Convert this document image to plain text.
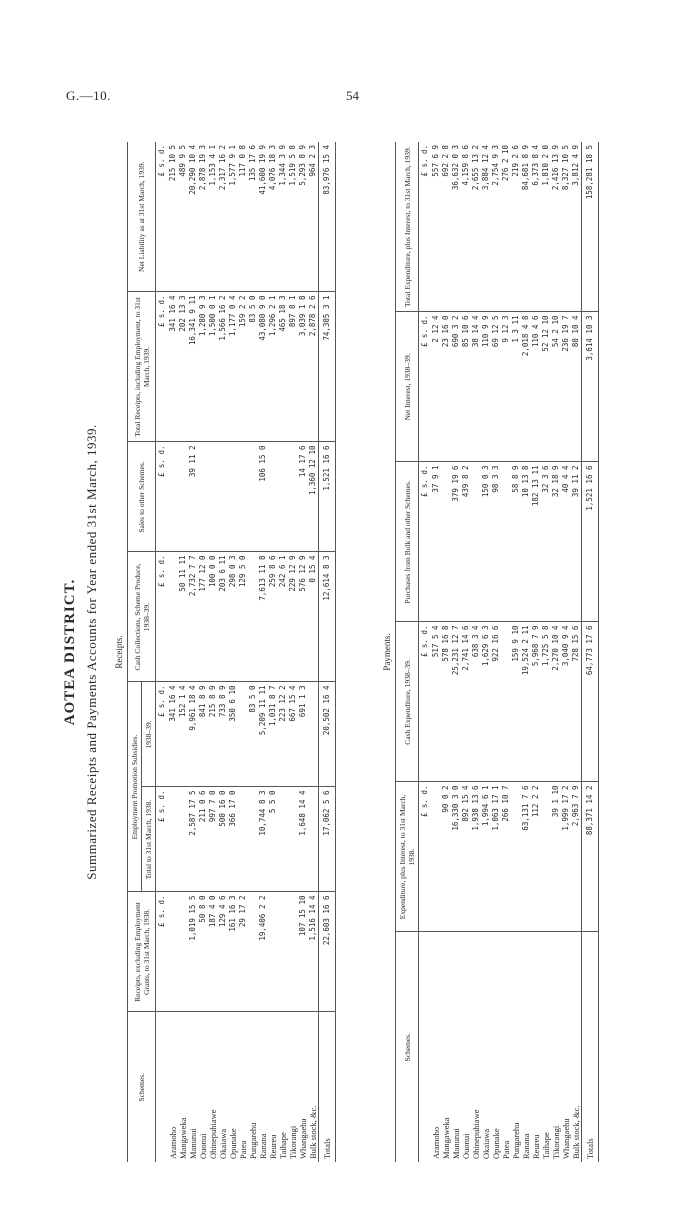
G.—10.	54
AOTEA DISTRICT. Summarized Receipts and Payments Accounts for Year ended 31st March, 1939. Receipts.							
Schemes.	Receipts, excluding Employment Grants, to 31st March, 1938.	Employment Promotion Subsidies.		Cash Collections, Scheme Produce, 1938–39.	Sales to other Schemes.	Total Receipts, including Employment, to 31st March, 1939.	Net Liability as at 31st March, 1939.
		Total to 31st March, 1938.	1938–39.				
	£ s. d.	£ s. d.	£ s. d.	£ s. d.	£ s. d.	£ s. d.	£ s. d.
Aramoho			341 16 4			341 16 4	215 10 5
Mangaweka			152 1 4	50 11 11		202 13 3	489 9 5
Manunui	1,019 15 5	2,587 17 5	9,961 18 4	2,732 7 7	39 11 2	16,341 9 11	20,290 10 4
Ouonui	50 8 0	211 0 6	841 8 9	177 12 0		1,280 9 3	2,878 19 3
Ohinepuhiawe	187 4 0	997 7 0	215 8 9	100 0 0		1,500 0 1	1,153 4 1
Okaiawa	129 4 6	500 16 0	733 8 9	203 6 11		1,566 16 2	2,317 16 2
Opunake	161 16 3	366 17 0	350 6 10	298 0 3		1,177 0 4	1,577 9 1
Patea	29 17 2			129 5 0		159 2 2	117 0 8
Pungarehu			83 5 0			83 5 0	135 17 6
Ranana	19,406 2 2	10,744 8 3	5,209 11 11	7,613 11 8	106 15 0	43,080 9 0	41,600 19 9
Reureu		5 5 0	1,031 8 7	259 8 6		1,296 2 1	4,076 18 3
Taihape			223 12 2	242 6 1		465 18 3	1,344 3 9
Tikorangi			667 15 4	229 12 9		897 8 1	1,519 5 8
Whangaehu	107 15 10	1,648 14 4	691 1 3	576 12 9	14 17 6	3,039 1 8	5,293 8 9
Bulk stock, &c.	1,516 14 4			0 15 4	1,360 12 10	2,878 2 6	964 2 3
Totals	22,603 16 6	17,062 5 6	20,502 16 4	12,614 8 3	1,521 16 6	74,305 3 1	83,976 15 4
Payments.					
Schemes.	Expenditure, plus Interest, to 31st March, 1938.	Cash Expenditure, 1938–39.	Purchases from Bulk and other Schemes.	Net Interest, 1938–39.	Total Expenditure, plus Interest, to 31st March, 1939.
	£ s. d.	£ s. d.	£ s. d.	£ s. d.	£ s. d.
Aramoho		517 5 4	37 9 1	2 12 4	557 6 9
Mangaweka	90 0 2	578 16 8		23 16 0	692 2 8
Manunui	16,330 3 0	25,231 12 7	379 19 6	690 3 2	36,632 0 3
Ouonui	892 15 4	2,741 14 6	439 8 2	85 10 6	4,159 8 6
Ohinepuhiawe	1,938 13 6	638 3 4		38 14 4	2,655 13 2
Okaiawa	1,994 6 1	1,629 6 3	150 0 3	110 9 9	3,884 12 4
Opunake	1,063 17 1	922 16 6	98 3 3	69 12 5	2,754 9 3
Patea	266 10 7			9 12 3	276 2 10
Pungarehu		159 9 10	58 8 9	1 3 11	219 2 6
Ranana	63,131 7 6	19,524 2 11	10 13 8	2,018 4 8	84,681 8 9
Reureu	112 2 2	5,968 7 9	182 13 11	110 4 6	6,373 8 4
Taihape		1,725 5 8	32 3 6	52 12 10	1,810 2 0
Tikorangi	39 1 10	2,270 10 4	32 18 9	54 2 10	2,416 13 9
Whangaehu	1,999 17 2	3,040 9 4	40 4 4	236 19 7	8,327 10 5
Bulk stock, &c.	2,963 7 9	728 15 6	39 11 2	80 10 4	3,812 4 9
Totals	88,371 14 2	64,773 17 6	1,521 16 6	3,614 10 3	158,281 18 5
